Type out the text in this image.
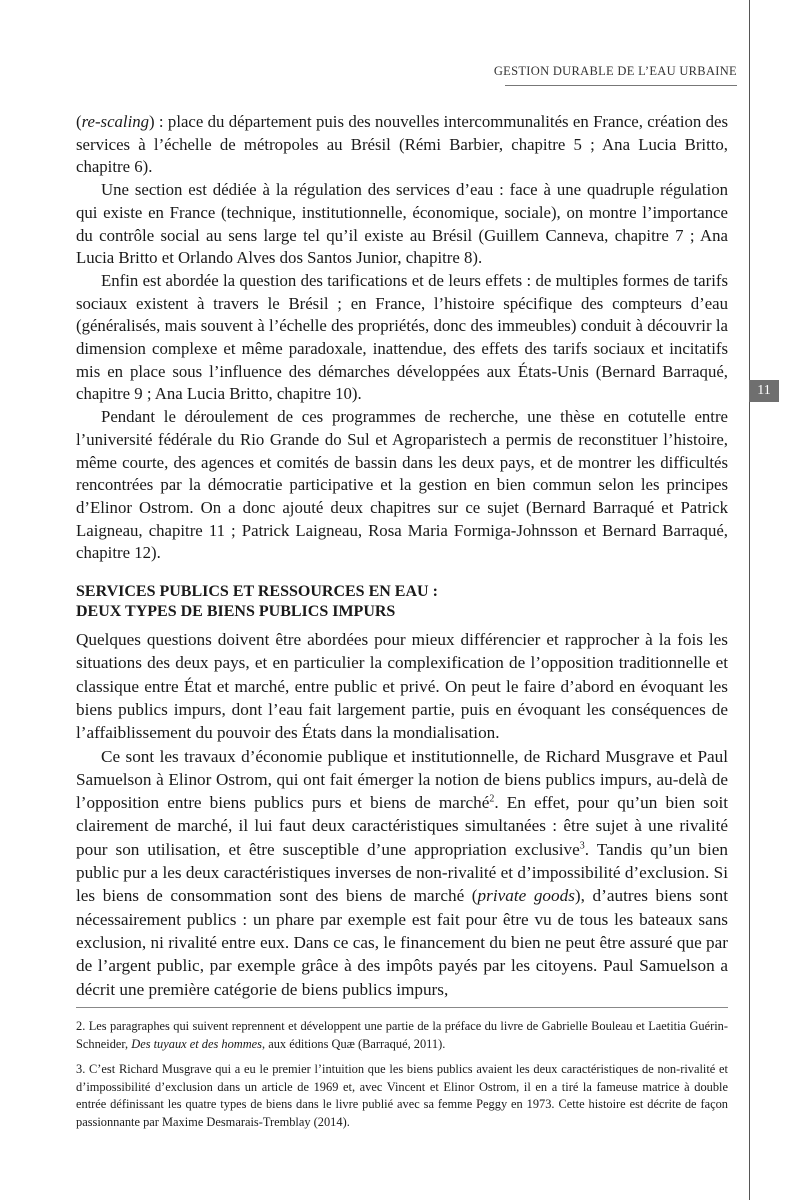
11
GESTION DURABLE DE L’EAU URBAINE

(re-scaling) : place du département puis des nouvelles intercommunalités en France, création des services à l’échelle de métropoles au Brésil (Rémi Barbier, chapitre 5 ; Ana Lucia Britto, chapitre 6).

Une section est dédiée à la régulation des services d’eau : face à une quadruple régulation qui existe en France (technique, institutionnelle, économique, sociale), on montre l’importance du contrôle social au sens large tel qu’il existe au Brésil (Guillem Canneva, chapitre 7 ; Ana Lucia Britto et Orlando Alves dos Santos Junior, chapitre 8).

Enfin est abordée la question des tarifications et de leurs effets : de multiples formes de tarifs sociaux existent à travers le Brésil ; en France, l’histoire spécifique des compteurs d’eau (généralisés, mais souvent à l’échelle des propriétés, donc des immeubles) conduit à découvrir la dimension complexe et même paradoxale, inattendue, des effets des tarifs sociaux et incitatifs mis en place sous l’influence des démarches développées aux États-Unis (Bernard Barraqué, chapitre 9 ; Ana Lucia Britto, chapitre 10).

Pendant le déroulement de ces programmes de recherche, une thèse en cotutelle entre l’université fédérale du Rio Grande do Sul et Agroparistech a permis de reconstituer l’histoire, même courte, des agences et comités de bassin dans les deux pays, et de montrer les difficultés rencontrées par la démocratie participative et la gestion en bien commun selon les principes d’Elinor Ostrom. On a donc ajouté deux chapitres sur ce sujet (Bernard Barraqué et Patrick Laigneau, chapitre 11 ; Patrick Laigneau, Rosa Maria Formiga-Johnsson et Bernard Barraqué, chapitre 12).

SERVICES PUBLICS ET RESSOURCES EN EAU :
DEUX TYPES DE BIENS PUBLICS IMPURS

Quelques questions doivent être abordées pour mieux différencier et rapprocher à la fois les situations des deux pays, et en particulier la complexification de l’opposition traditionnelle et classique entre État et marché, entre public et privé. On peut le faire d’abord en évoquant les biens publics impurs, dont l’eau fait largement partie, puis en évoquant les conséquences de l’affaiblissement du pouvoir des États dans la mondialisation.

Ce sont les travaux d’économie publique et institutionnelle, de Richard Musgrave et Paul Samuelson à Elinor Ostrom, qui ont fait émerger la notion de biens publics impurs, au-delà de l’opposition entre biens publics purs et biens de marché$^2$. En effet, pour qu’un bien soit clairement de marché, il lui faut deux caractéristiques simultanées : être sujet à une rivalité pour son utilisation, et être susceptible d’une appropriation exclusive$^3$. Tandis qu’un bien public pur a les deux caractéristiques inverses de non-rivalité et d’impossibilité d’exclusion. Si les biens de consommation sont des biens de marché (private goods), d’autres biens sont nécessairement publics : un phare par exemple est fait pour être vu de tous les bateaux sans exclusion, ni rivalité entre eux. Dans ce cas, le financement du bien ne peut être assuré que par de l’argent public, par exemple grâce à des impôts payés par les citoyens. Paul Samuelson a décrit une première catégorie de biens publics impurs,

2. Les paragraphes qui suivent reprennent et développent une partie de la préface du livre de Gabrielle Bouleau et Laetitia Guérin-Schneider, Des tuyaux et des hommes, aux éditions Quæ (Barraqué, 2011).

3. C’est Richard Musgrave qui a eu le premier l’intuition que les biens publics avaient les deux caractéristiques de non-rivalité et d’impossibilité d’exclusion dans un article de 1969 et, avec Vincent et Elinor Ostrom, il en a tiré la fameuse matrice à double entrée définissant les quatre types de biens dans le livre publié avec sa femme Peggy en 1973. Cette histoire est décrite de façon passionnante par Maxime Desmarais-Tremblay (2014).
